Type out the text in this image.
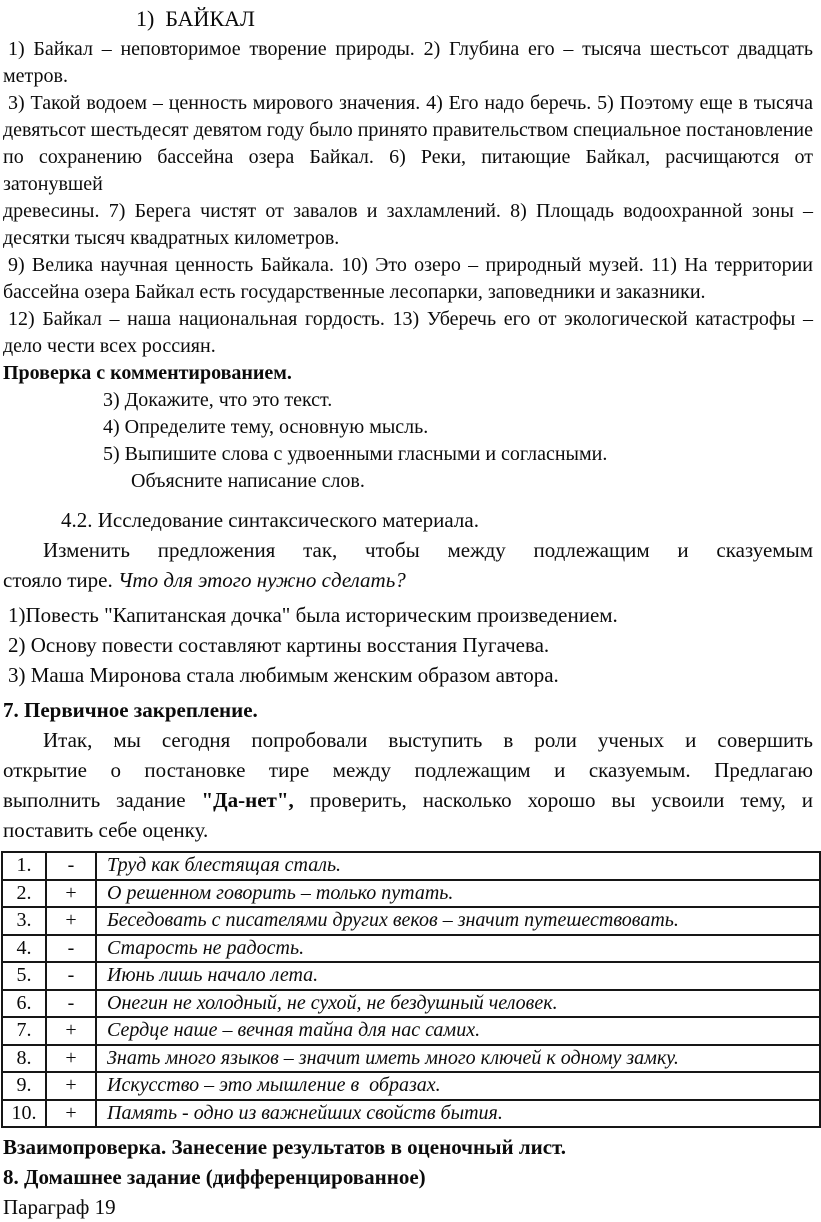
1)  БАЙКАЛ
1) Байкал – неповторимое творение природы. 2) Глубина его – тысяча шестьсот двадцать
метров.
3) Такой водоем – ценность мирового значения. 4) Его надо беречь. 5) Поэтому еще в тысяча
девятьсот шестьдесят девятом году было принято правительством специальное постановление
по сохранению бассейна озера Байкал. 6) Реки, питающие Байкал, расчищаются от затонувшей
древесины. 7) Берега чистят от завалов и захламлений. 8) Площадь водоохранной зоны –
десятки тысяч квадратных километров.
9) Велика научная ценность Байкала. 10) Это озеро – природный музей. 11) На территории
бассейна озера Байкал есть государственные лесопарки, заповедники и заказники.
12) Байкал – наша национальная гордость. 13) Уберечь его от экологической катастрофы –
дело чести всех россиян.
Проверка с комментированием.
3) Докажите, что это текст.
4) Определите тему, основную мысль.
5) Выпишите слова с удвоенными гласными и согласными.
Объясните написание слов.
4.2. Исследование синтаксического материала.
Изменить предложения так, чтобы между подлежащим и сказуемым
стояло тире. Что для этого нужно сделать?
1)Повесть "Капитанская дочка" была историческим произведением.
2) Основу повести составляют картины восстания Пугачева.
3) Маша Миронова стала любимым женским образом автора.
7. Первичное закрепление.
Итак, мы сегодня попробовали выступить в роли ученых и совершить
открытие о постановке тире между подлежащим и сказуемым. Предлагаю
выполнить задание "Да-нет", проверить, насколько хорошо вы усвоили тему, и
поставить себе оценку.
1.	-	Труд как блестящая сталь.
2.	+	О решенном говорить – только путать.
3.	+	Беседовать с писателями других веков – значит путешествовать.
4.	-	Старость не радость.
5.	-	Июнь лишь начало лета.
6.	-	Онегин не холодный, не сухой, не бездушный человек.
7.	+	Сердце наше – вечная тайна для нас самих.
8.	+	Знать много языков – значит иметь много ключей к одному замку.
9.	+	Искусство – это мышление в  образах.
10.	+	Память - одно из важнейших свойств бытия.
Взаимопроверка. Занесение результатов в оценочный лист.
8. Домашнее задание (дифференцированное)
Параграф 19
